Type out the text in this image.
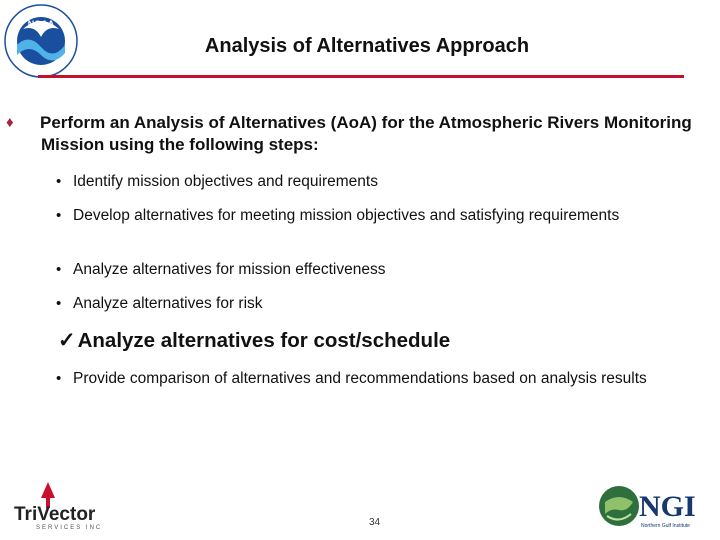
NOAA
Analysis of Alternatives Approach
♦ Perform an Analysis of Alternatives (AoA) for the Atmospheric Rivers Monitoring Mission using the following steps:
• Identify mission objectives and requirements
• Develop alternatives for meeting mission objectives and satisfying requirements
• Analyze alternatives for mission effectiveness
• Analyze alternatives for risk
✓Analyze alternatives for cost/schedule
• Provide comparison of alternatives and recommendations based on analysis results
TriVector
SERVICES INC
NGI
Northern Gulf Institute
34
